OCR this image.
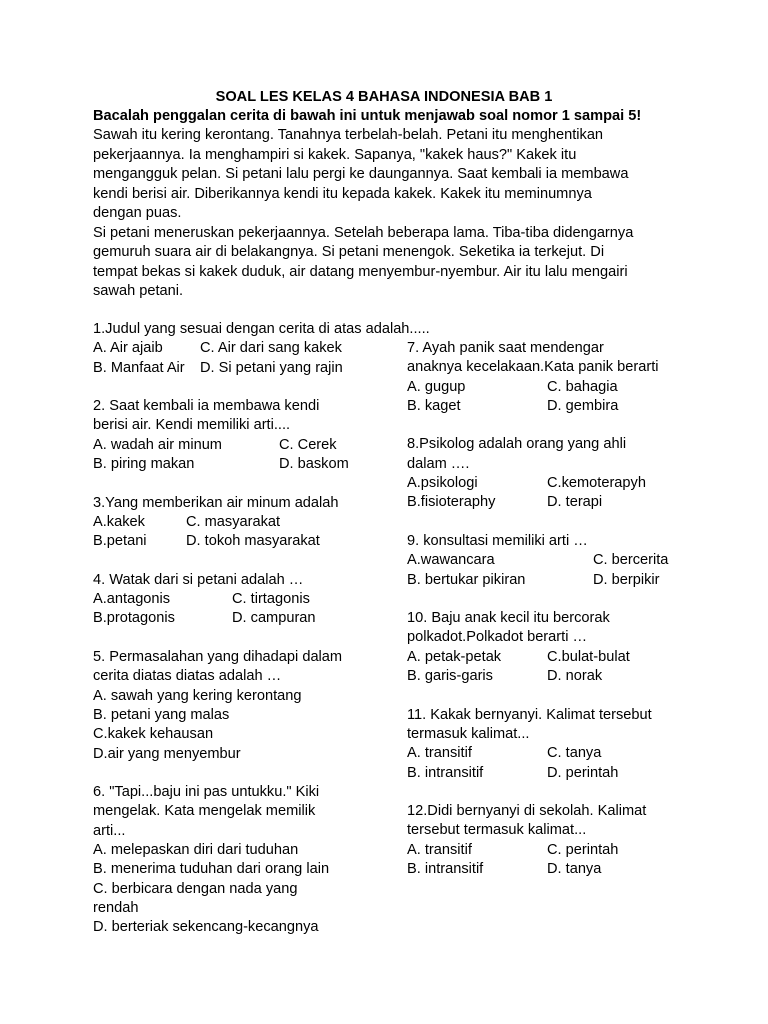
SOAL LES KELAS 4 BAHASA INDONESIA BAB 1
Bacalah penggalan cerita di bawah ini untuk menjawab soal nomor 1 sampai 5!
Sawah itu kering kerontang. Tanahnya terbelah-belah. Petani itu menghentikan
pekerjaannya. Ia menghampiri si kakek. Sapanya, "kakek haus?" Kakek itu
mengangguk pelan. Si petani lalu pergi ke daungannya. Saat kembali ia membawa
kendi berisi air. Diberikannya kendi itu kepada kakek. Kakek itu meminumnya
dengan puas.
Si petani meneruskan pekerjaannya. Setelah beberapa lama. Tiba-tiba didengarnya
gemuruh suara air di belakangnya. Si petani menengok. Seketika ia terkejut. Di
tempat bekas si kakek duduk, air datang menyembur-nyembur. Air itu lalu mengairi
sawah petani.
1.Judul yang sesuai dengan cerita di atas adalah.....
A. Air ajaib	C. Air dari sang kakek
B. Manfaat Air D. Si petani yang rajin
2. Saat kembali ia membawa kendi
berisi air. Kendi memiliki arti....
A. wadah air minum	C. Cerek
B. piring makan	D. baskom
3.Yang memberikan air minum adalah
A.kakek	C. masyarakat
B.petani	D. tokoh masyarakat
4. Watak dari si petani adalah …
A.antagonis	C. tirtagonis
B.protagonis	D. campuran
5. Permasalahan yang dihadapi dalam
cerita diatas diatas adalah …
A. sawah yang kering kerontang
B. petani yang malas
C.kakek kehausan
D.air yang menyembur
6. "Tapi...baju ini pas untukku." Kiki
mengelak. Kata mengelak memilik
arti...
A. melepaskan diri dari tuduhan
B. menerima tuduhan dari orang lain
C. berbicara dengan nada yang
rendah
D. berteriak sekencang-kecangnya
7. Ayah panik saat mendengar
anaknya kecelakaan.Kata panik berarti
A. gugup	C. bahagia
B. kaget	D. gembira
8.Psikolog adalah orang yang ahli
dalam ….
A.psikologi	C.kemoterapyh
B.fisioteraphy	D. terapi
9. konsultasi memiliki arti …
A.wawancara	C. bercerita
B. bertukar pikiran	D. berpikir
10. Baju anak kecil itu bercorak
polkadot.Polkadot berarti …
A. petak-petak	C.bulat-bulat
B. garis-garis	D. norak
11. Kakak bernyanyi. Kalimat tersebut
termasuk kalimat...
A. transitif	C. tanya
B. intransitif	D. perintah
12.Didi bernyanyi di sekolah. Kalimat
tersebut termasuk kalimat...
A. transitif	C. perintah
B. intransitif	D. tanya
